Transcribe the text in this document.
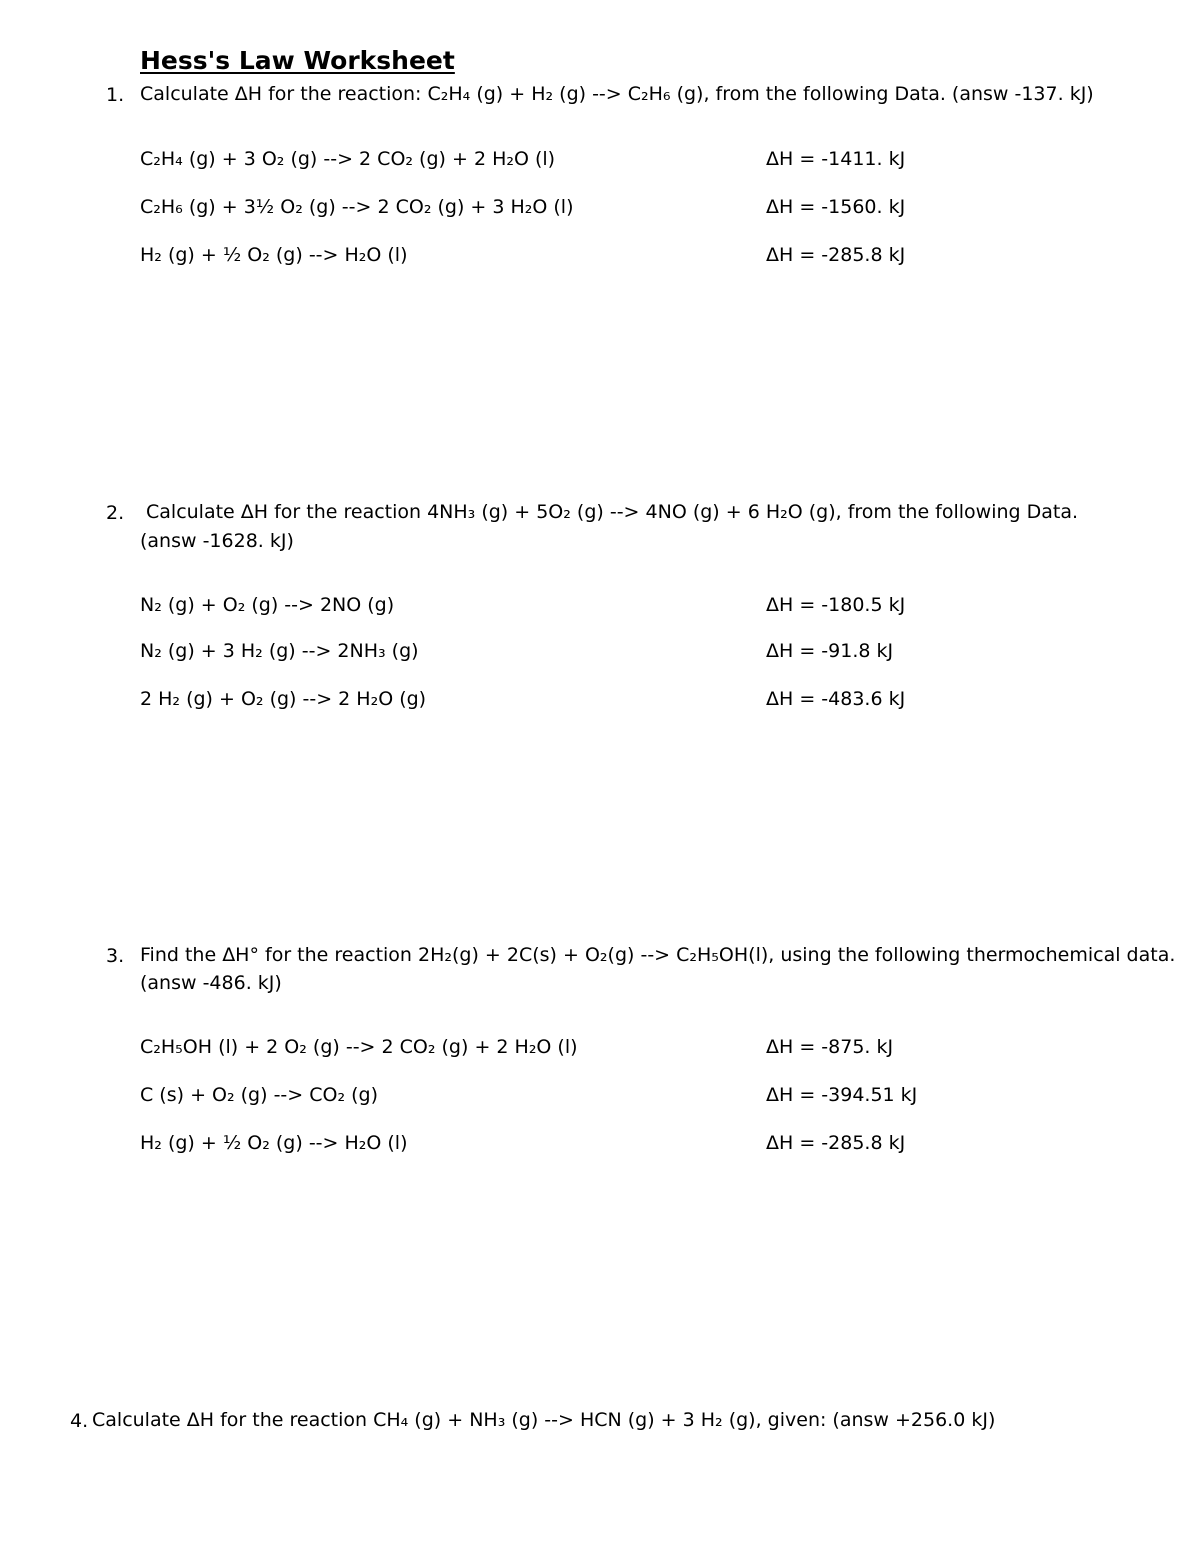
Hess's Law Worksheet
1. Calculate ΔH for the reaction: C₂H₄ (g) + H₂ (g) --> C₂H₆ (g), from the following Data. (answ -137. kJ)
C₂H₄ (g) + 3 O₂ (g) --> 2 CO₂ (g) + 2 H₂O (l)	ΔH = -1411. kJ
C₂H₆ (g) + 3½ O₂ (g) --> 2 CO₂ (g) + 3 H₂O (l)	ΔH = -1560. kJ
H₂ (g) + ½ O₂ (g) --> H₂O (l)	ΔH = -285.8 kJ
2. Calculate ΔH for the reaction 4NH₃ (g) + 5O₂ (g) --> 4NO (g) + 6 H₂O (g), from the following Data.
(answ -1628. kJ)
N₂ (g) + O₂ (g) --> 2NO (g)	ΔH = -180.5 kJ
N₂ (g) + 3 H₂ (g) --> 2NH₃ (g)	ΔH = -91.8 kJ
2 H₂ (g) + O₂ (g) --> 2 H₂O (g)	ΔH = -483.6 kJ
3. Find the ΔH° for the reaction 2H₂(g) + 2C(s) + O₂(g) --> C₂H₅OH(l), using the following thermochemical data.
(answ -486. kJ)
C₂H₅OH (l) + 2 O₂ (g) --> 2 CO₂ (g) + 2 H₂O (l)	ΔH = -875. kJ
C (s) + O₂ (g) --> CO₂ (g)	ΔH = -394.51 kJ
H₂ (g) + ½ O₂ (g) --> H₂O (l)	ΔH = -285.8 kJ
4. Calculate ΔH for the reaction CH₄ (g) + NH₃ (g) --> HCN (g) + 3 H₂ (g), given: (answ +256.0 kJ)
